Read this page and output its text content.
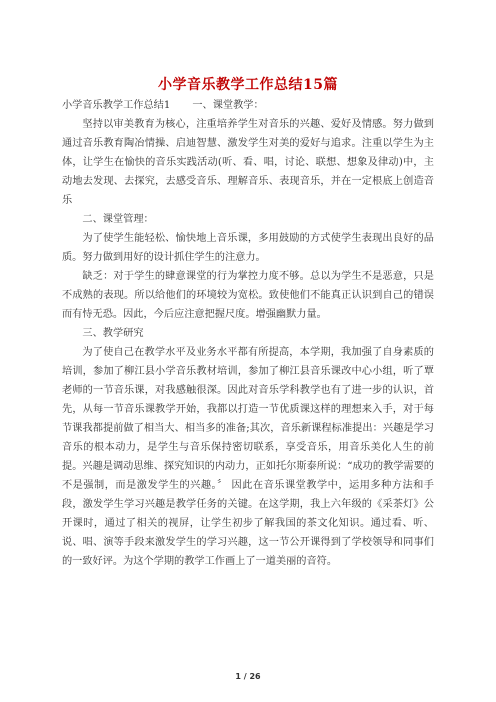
小学音乐教学工作总结15篇

小学音乐教学工作总结1 一、课堂教学：

坚持以审美教育为核心，注重培养学生对音乐的兴趣、爱好及情感。努力做到通过音乐教育陶冶情操、启迪智慧、激发学生对美的爱好与追求。注重以学生为主体，让学生在愉快的音乐实践活动(听、看、唱，讨论、联想、想象及律动)中，主动地去发现、去探究，去感受音乐、理解音乐、表现音乐，并在一定根底上创造音乐

二、课堂管理：

为了使学生能轻松、愉快地上音乐课，多用鼓励的方式使学生表现出良好的品质。努力做到用好的设计抓住学生的注意力。

缺乏：对于学生的肆意课堂的行为掌控力度不够。总以为学生不是恶意，只是不成熟的表现。所以给他们的环境较为宽松。致使他们不能真正认识到自己的错误而有恃无恐。因此，今后应注意把握尺度。增强幽默力量。

三、教学研究

为了使自己在教学水平及业务水平都有所提高，本学期，我加强了自身素质的培训，参加了柳江县小学音乐教材培训，参加了柳江县音乐课改中心小组，听了覃老师的一节音乐课，对我感触很深。因此对音乐学科教学也有了进一步的认识，首先，从每一节音乐课教学开始，我都以打造一节优质课这样的理想来入手，对于每节课我都提前做了相当大、相当多的准备;其次，音乐新课程标准提出：兴趣是学习音乐的根本动力，是学生与音乐保持密切联系，享受音乐，用音乐美化人生的前提。兴趣是调动思维、探究知识的内动力，正如托尔斯泰所说：“成功的教学需要的不是强制，而是激发学生的兴趣。〞 因此在音乐课堂教学中，运用多种方法和手段，激发学生学习兴趣是教学任务的关键。在这学期，我上六年级的《采茶灯》公开课时，通过了相关的视屏，让学生初步了解我国的茶文化知识。通过看、听、说、唱、演等手段来激发学生的学习兴趣，这一节公开课得到了学校领导和同事们的一致好评。为这个学期的教学工作画上了一道美丽的音符。

1 / 26
